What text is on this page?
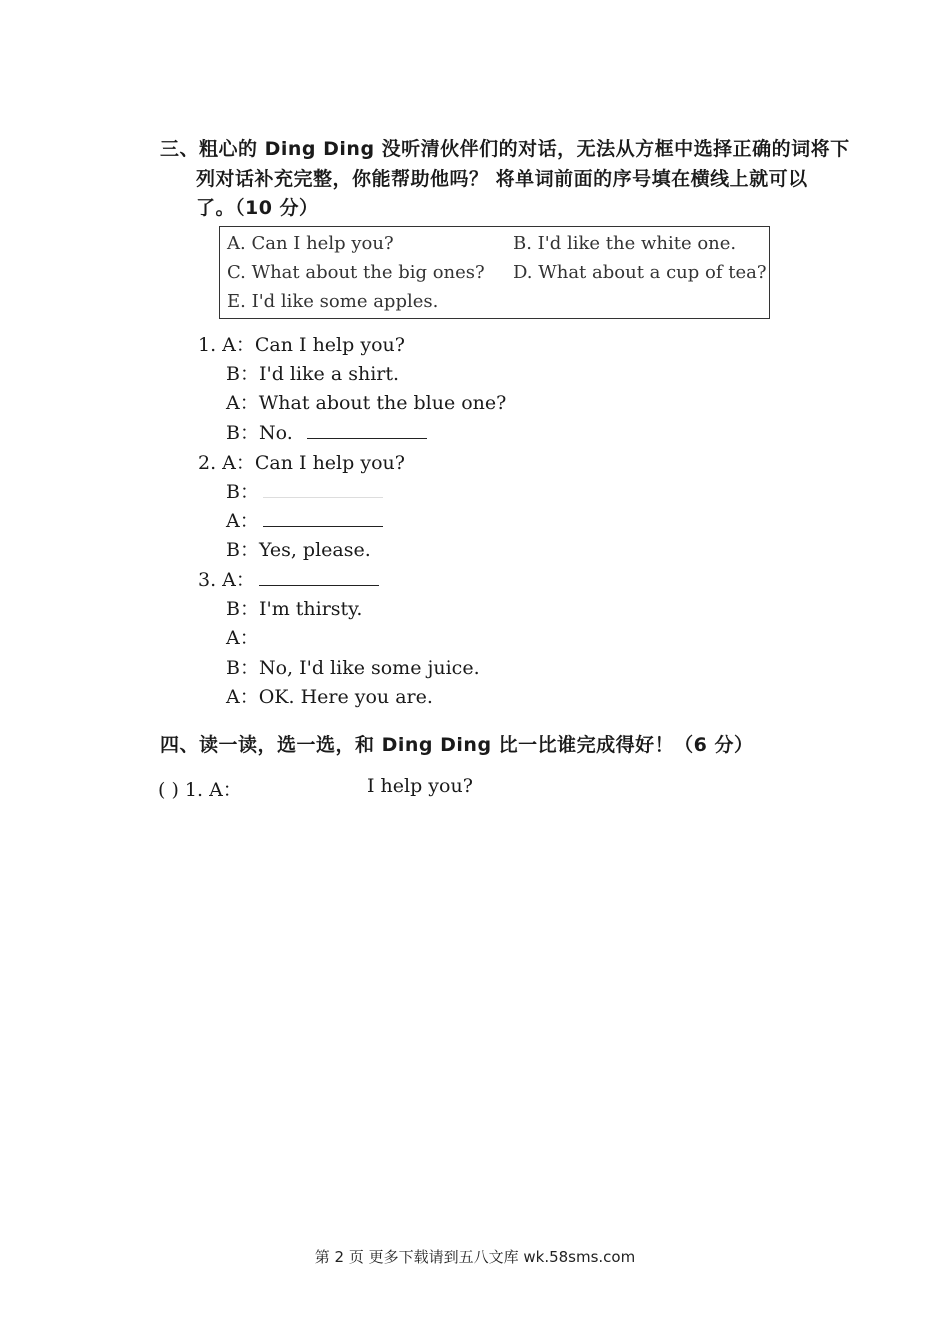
三、粗心的 Ding Ding 没听清伙伴们的对话，无法从方框中选择正确的词将下
列对话补充完整，你能帮助他吗？ 将单词前面的序号填在横线上就可以
了。（10 分）
A. Can I help you?	B. I'd like the white one.
C. What about the big ones? D. What about a cup of tea?
E. I'd like some apples.
1. A：Can I help you?
B：I'd like a shirt.
A：What about the blue one?
B：No.
2. A：Can I help you?
B：
A：
B：Yes, please.
3. A：
B：I'm thirsty.
A：
B：No, I'd like some juice.
A：OK. Here you are.
四、读一读，选一选，和 Ding Ding 比一比谁完成得好！（6 分）
( ) 1. A：	I help you?
第 2 页 更多下载请到五八文库 wk.58sms.com
